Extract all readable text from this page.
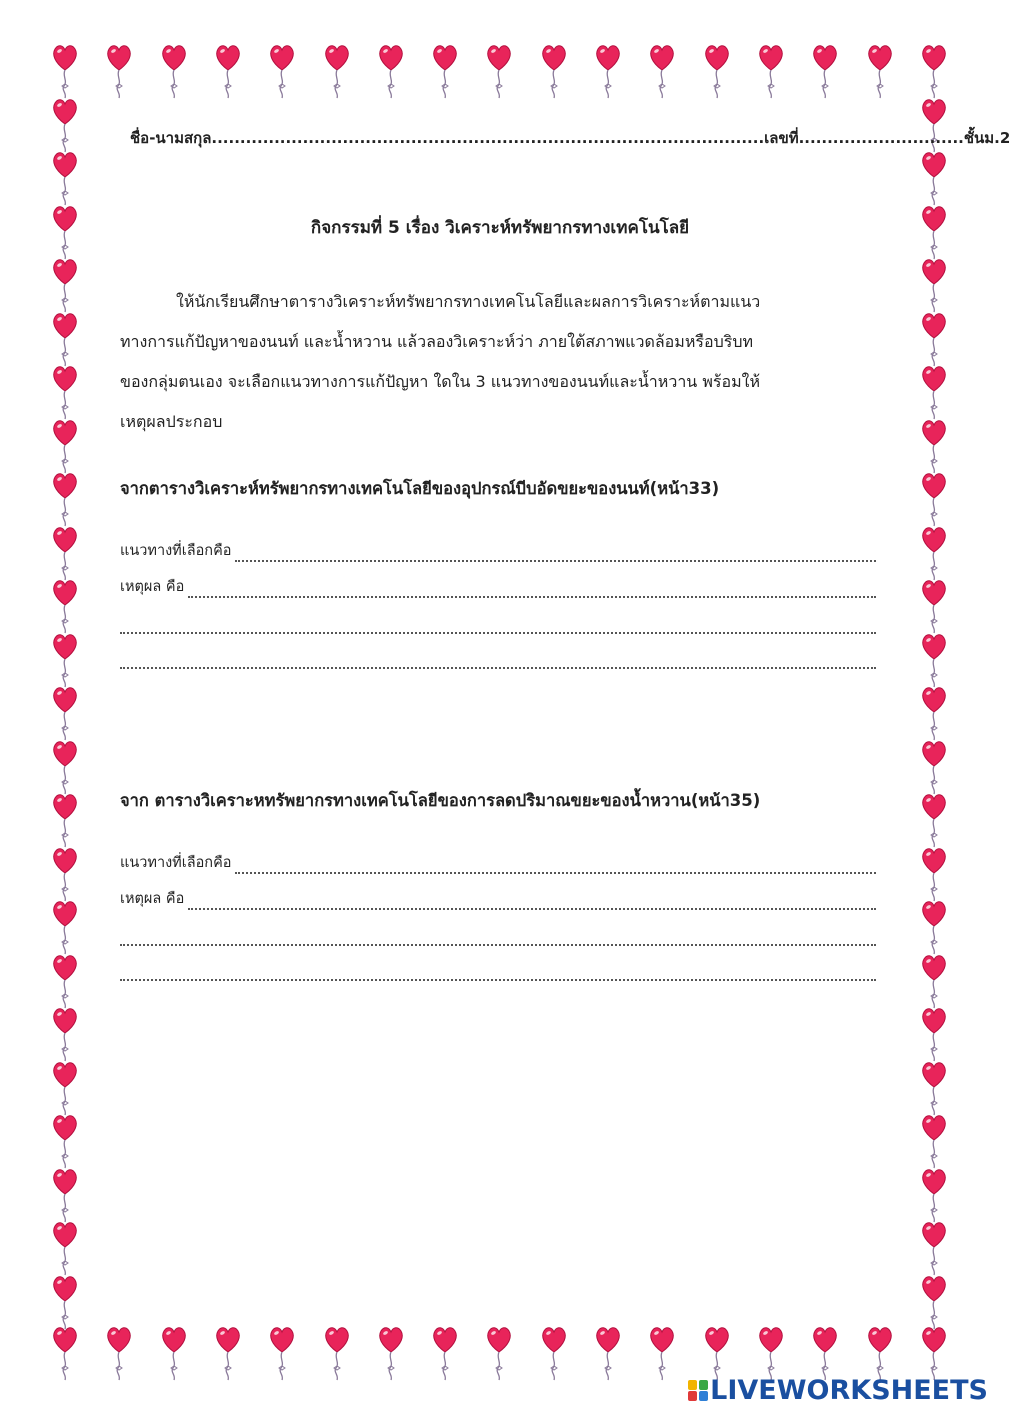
ชื่อ-นามสกุล.................................................................................................เลขที่.............................ชั้นม.2
กิจกรรมที่ 5 เรื่อง วิเคราะห์ทรัพยากรทางเทคโนโลยี

ให้นักเรียนศึกษาตารางวิเคราะห์ทรัพยากรทางเทคโนโลยีและผลการวิเคราะห์ตามแนว

ทางการแก้ปัญหาของนนท์ และน้ำหวาน แล้วลองวิเคราะห์ว่า ภายใต้สภาพแวดล้อมหรือบริบท

ของกลุ่มตนเอง จะเลือกแนวทางการแก้ปัญหา ใดใน 3 แนวทางของนนท์และน้ำหวาน พร้อมให้

เหตุผลประกอบ

จากตารางวิเคราะห์ทรัพยากรทางเทคโนโลยีของอุปกรณ์บีบอัดขยะของนนท์(หน้า33)
แนวทางที่เลือกคือ
เหตุผล คือ
จาก ตารางวิเคราะหทรัพยากรทางเทคโนโลยีของการลดปริมาณขยะของน้ำหวาน(หน้า35)
แนวทางที่เลือกคือ
เหตุผล คือ
LIVEWORKSHEETS
